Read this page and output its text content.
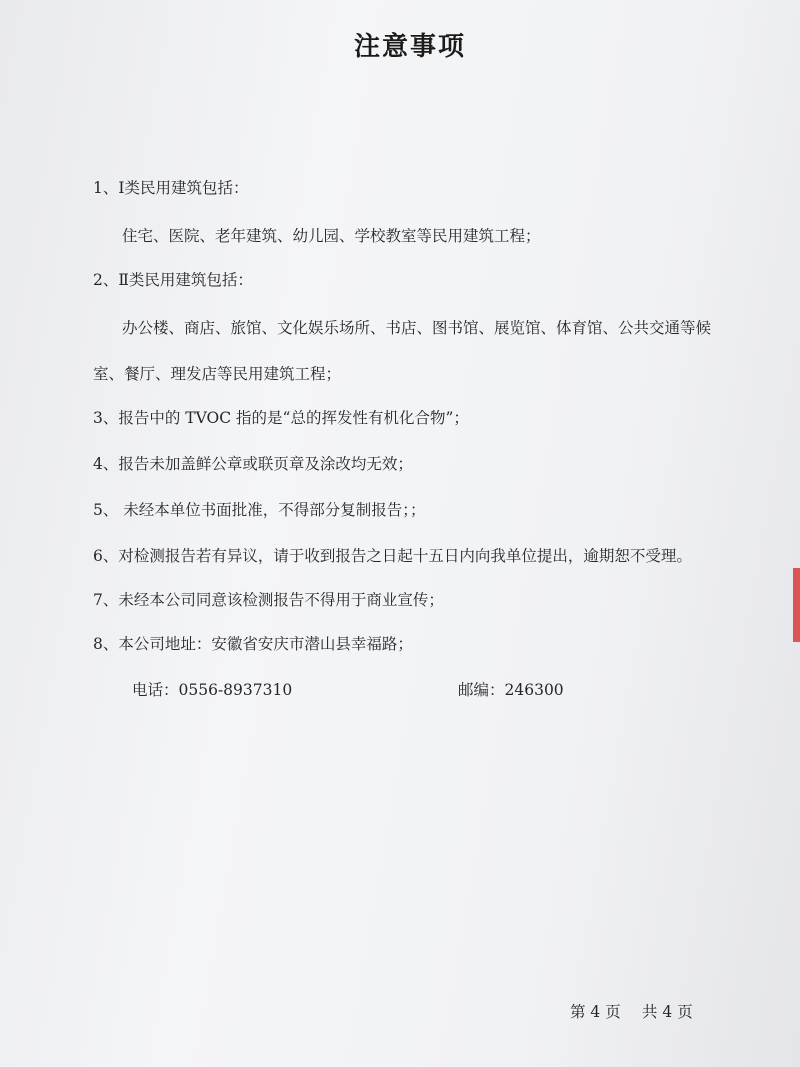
注意事项
1、Ⅰ类民用建筑包括：
住宅、医院、老年建筑、幼儿园、学校教室等民用建筑工程；
2、Ⅱ类民用建筑包括：
办公楼、商店、旅馆、文化娱乐场所、书店、图书馆、展览馆、体育馆、公共交通等候
室、餐厅、理发店等民用建筑工程；
3、报告中的 TVOC 指的是“总的挥发性有机化合物”；
4、报告未加盖鲜公章或联页章及涂改均无效；
5、 未经本单位书面批准，不得部分复制报告；；
6、对检测报告若有异议，请于收到报告之日起十五日内向我单位提出，逾期恕不受理。
7、未经本公司同意该检测报告不得用于商业宣传；
8、本公司地址：安徽省安庆市潜山县幸福路；
电话：0556-8937310	邮编：246300
第 4 页 共 4 页
